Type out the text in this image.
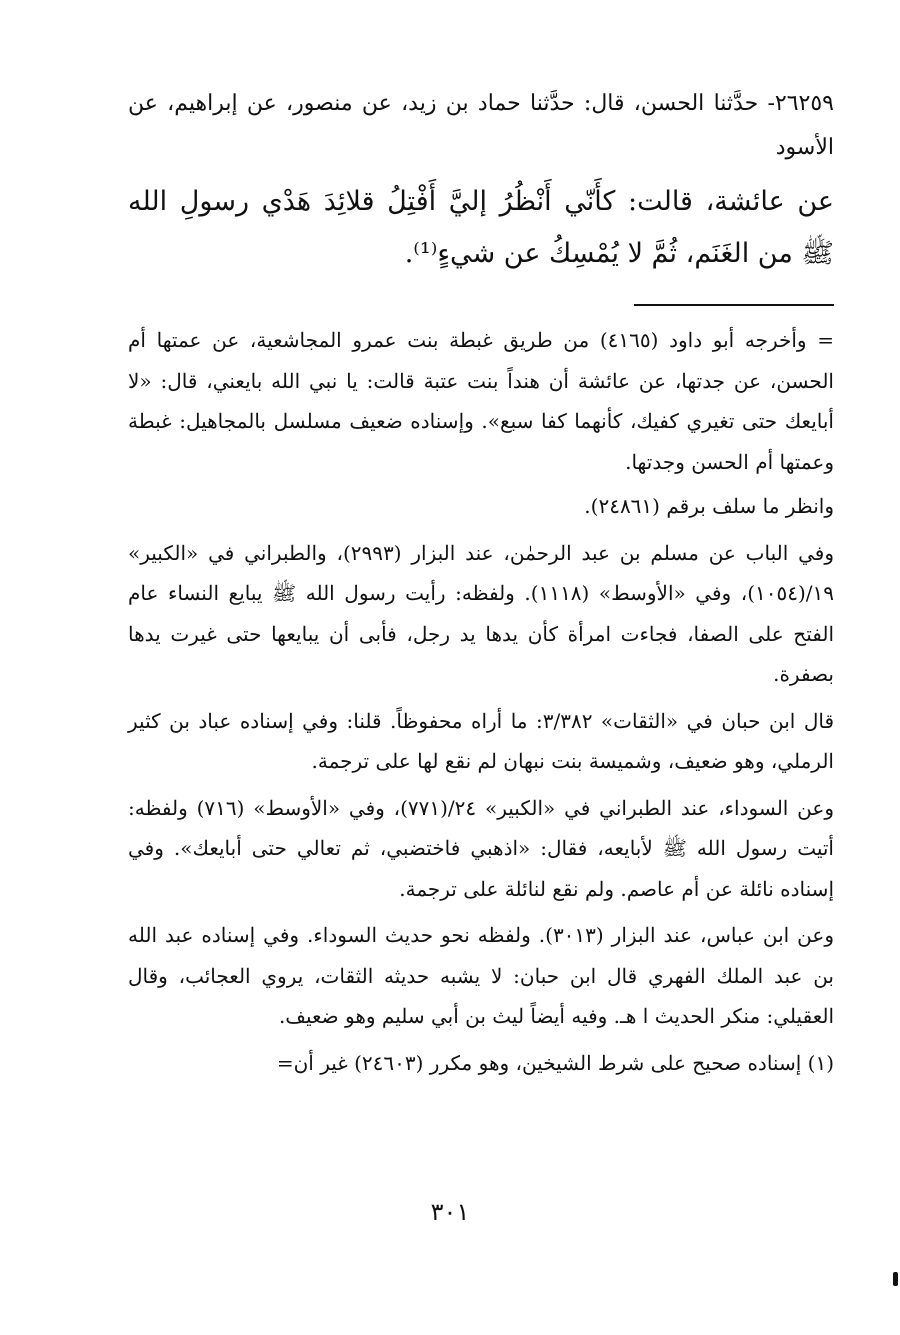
٢٦٢٥٩- حدَّثنا الحسن، قال: حدَّثنا حماد بن زيد، عن منصور، عن إبراهيم، عن الأسود

عن عائشة، قالت: كأَنّي أَنْظُرُ إليَّ أَفْتِلُ قلائِدَ هَدْي رسولِ الله ﷺ من الغَنَم، ثُمَّ لا يُمْسِكُ عن شيءٍ⁽¹⁾.

= وأخرجه أبو داود (٤١٦٥) من طريق غبطة بنت عمرو المجاشعية، عن عمتها أم الحسن، عن جدتها، عن عائشة أن هنداً بنت عتبة قالت: يا نبي الله بايعني، قال: «لا أبايعك حتى تغيري كفيك، كأنهما كفا سبع». وإسناده ضعيف مسلسل بالمجاهيل: غبطة وعمتها أم الحسن وجدتها.

وانظر ما سلف برقم (٢٤٨٦١).

وفي الباب عن مسلم بن عبد الرحمٰن، عند البزار (٢٩٩٣)، والطبراني في «الكبير» ١٩/(١٠٥٤)، وفي «الأوسط» (١١١٨). ولفظه: رأيت رسول الله ﷺ يبايع النساء عام الفتح على الصفا، فجاءت امرأة كأن يدها يد رجل، فأبى أن يبايعها حتى غيرت يدها بصفرة.

قال ابن حبان في «الثقات» ٣/٣٨٢: ما أراه محفوظاً. قلنا: وفي إسناده عباد بن كثير الرملي، وهو ضعيف، وشميسة بنت نبهان لم نقع لها على ترجمة.

وعن السوداء، عند الطبراني في «الكبير» ٢٤/(٧٧١)، وفي «الأوسط» (٧١٦) ولفظه: أتيت رسول الله ﷺ لأبايعه، فقال: «اذهبي فاختضبي، ثم تعالي حتى أبايعك». وفي إسناده نائلة عن أم عاصم. ولم نقع لنائلة على ترجمة.

وعن ابن عباس، عند البزار (٣٠١٣). ولفظه نحو حديث السوداء. وفي إسناده عبد الله بن عبد الملك الفهري قال ابن حبان: لا يشبه حديثه الثقات، يروي العجائب، وقال العقيلي: منكر الحديث ا هـ. وفيه أيضاً ليث بن أبي سليم وهو ضعيف.

(١) إسناده صحيح على شرط الشيخين، وهو مكرر (٢٤٦٠٣) غير أن=

٣٠١
